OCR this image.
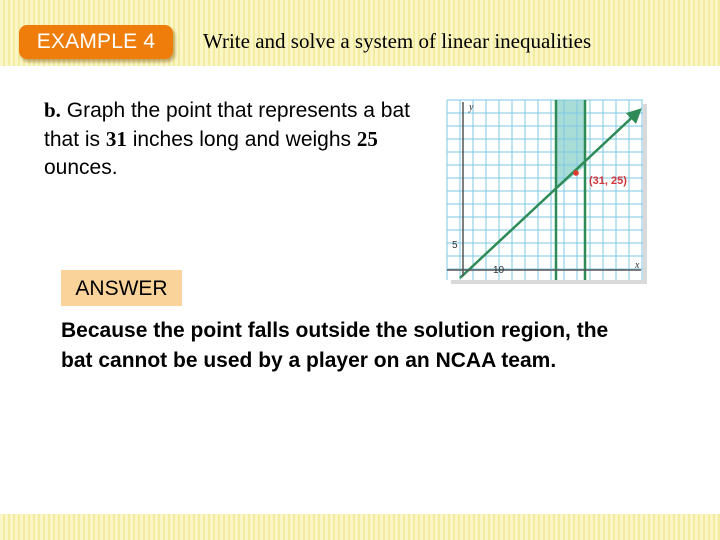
EXAMPLE 4	Write and solve a system of linear inequalities
b. Graph the point that represents a bat that is 31 inches long and weighs 25 ounces.
y
x
5
10
(31, 25)
ANSWER
Because the point falls outside the solution region, the bat cannot be used by a player on an NCAA team.
